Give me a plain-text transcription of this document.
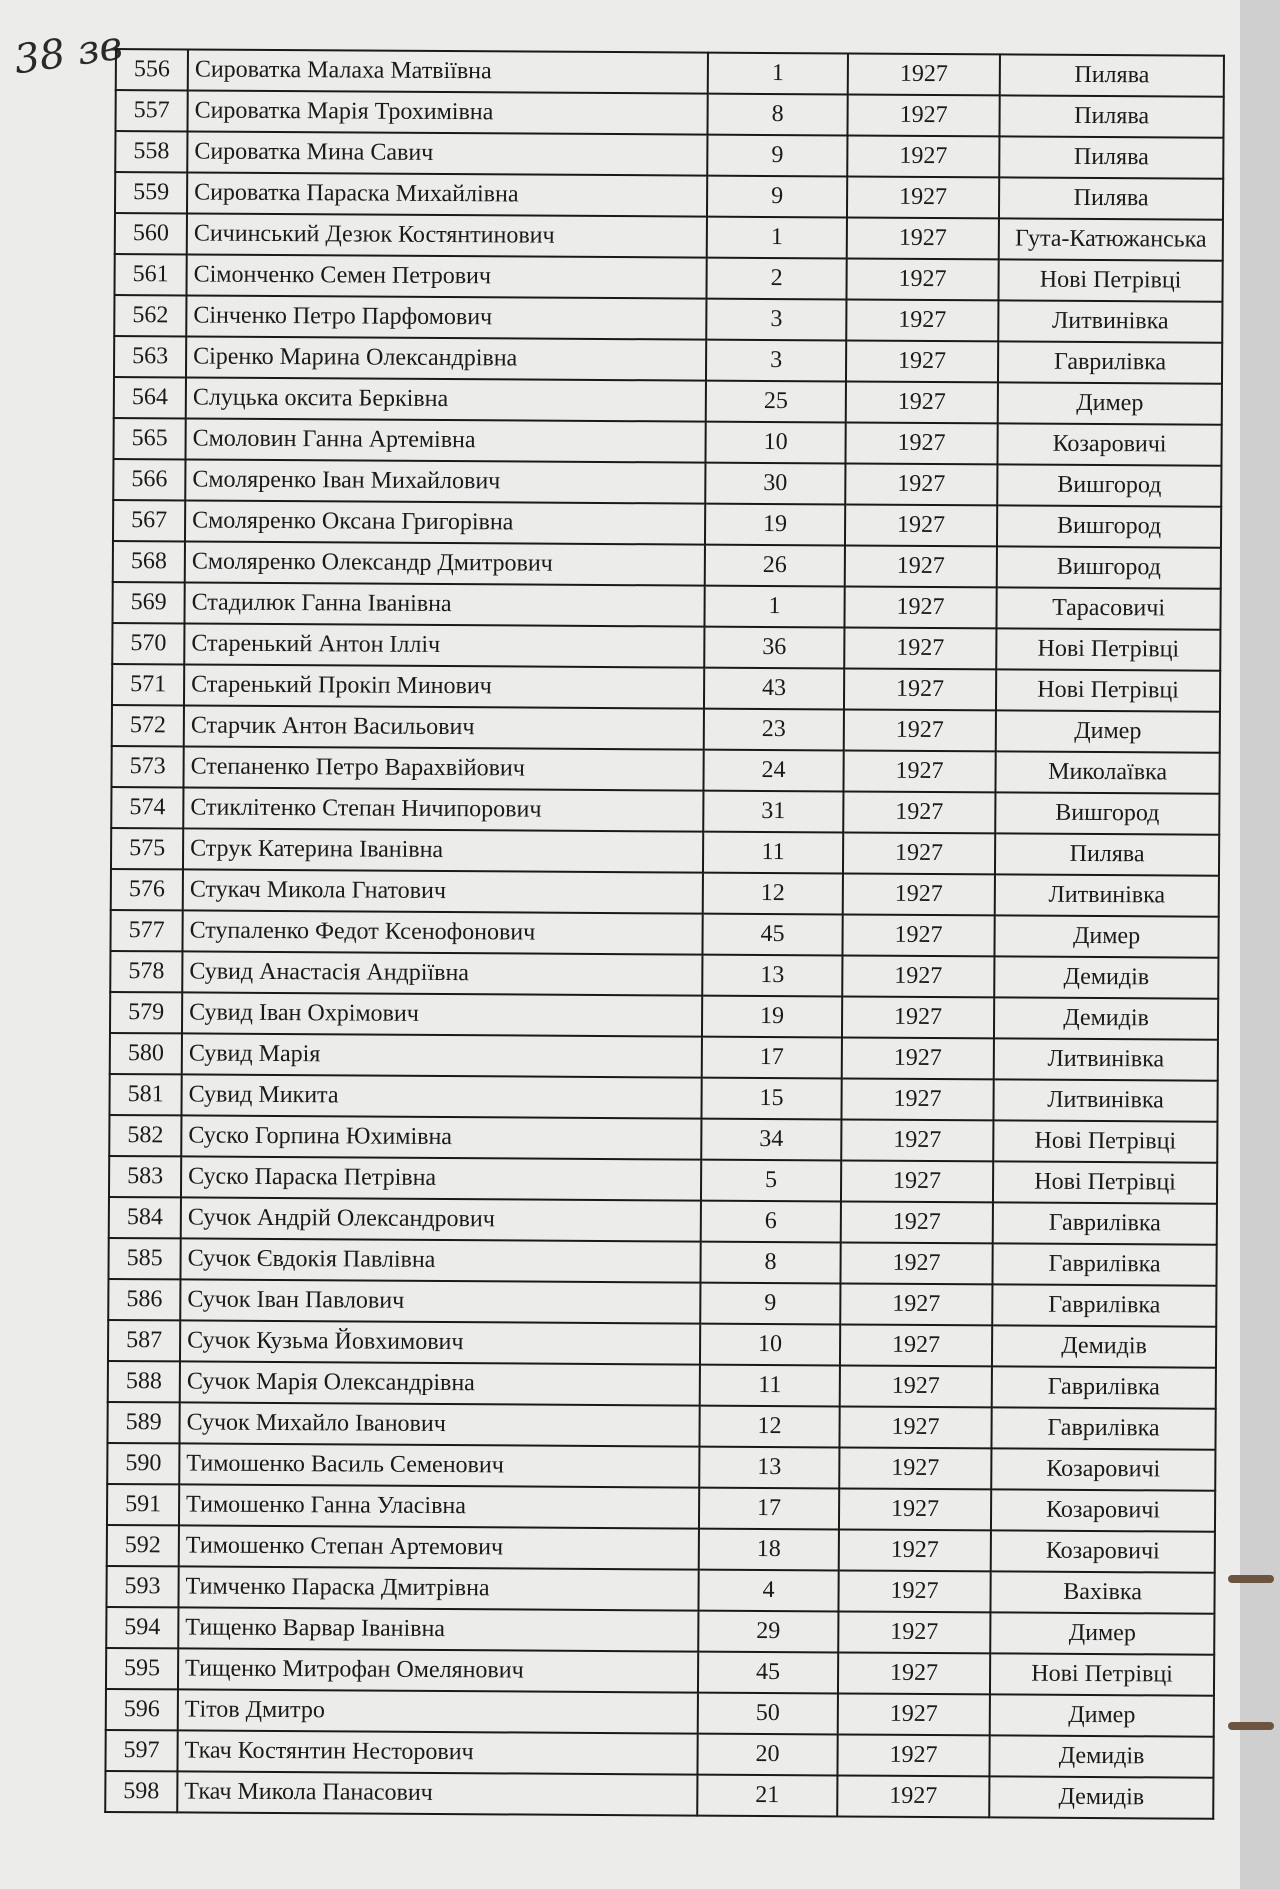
38 зв 556	Сироватка Малаха Матвіївна	1	1927	Пилява
557	Сироватка Марія Трохимівна	8	1927	Пилява
558	Сироватка Мина Савич	9	1927	Пилява
559	Сироватка Параска Михайлівна	9	1927	Пилява
560	Сичинський Дезюк Костянтинович	1	1927	Гута-Катюжанська
561	Сімонченко Семен Петрович	2	1927	Нові Петрівці
562	Сінченко Петро Парфомович	3	1927	Литвинівка
563	Сіренко Марина Олександрівна	3	1927	Гаврилівка
564	Слуцька оксита Берківна	25	1927	Димер
565	Смоловин Ганна Артемівна	10	1927	Козаровичі
566	Смоляренко Іван Михайлович	30	1927	Вишгород
567	Смоляренко Оксана Григорівна	19	1927	Вишгород
568	Смоляренко Олександр Дмитрович	26	1927	Вишгород
569	Стадилюк Ганна Іванівна	1	1927	Тарасовичі
570	Старенький Антон Ілліч	36	1927	Нові Петрівці
571	Старенький Прокіп Минович	43	1927	Нові Петрівці
572	Старчик Антон Васильович	23	1927	Димер
573	Степаненко Петро Варахвійович	24	1927	Миколаївка
574	Стиклітенко Степан Ничипорович	31	1927	Вишгород
575	Струк Катерина Іванівна	11	1927	Пилява
576	Стукач Микола Гнатович	12	1927	Литвинівка
577	Ступаленко Федот Ксенофонович	45	1927	Димер
578	Сувид Анастасія Андріївна	13	1927	Демидів
579	Сувид Іван Охрімович	19	1927	Демидів
580	Сувид Марія	17	1927	Литвинівка
581	Сувид Микита	15	1927	Литвинівка
582	Суско Горпина Юхимівна	34	1927	Нові Петрівці
583	Суско Параска Петрівна	5	1927	Нові Петрівці
584	Сучок Андрій Олександрович	6	1927	Гаврилівка
585	Сучок Євдокія Павлівна	8	1927	Гаврилівка
586	Сучок Іван Павлович	9	1927	Гаврилівка
587	Сучок Кузьма Йовхимович	10	1927	Демидів
588	Сучок Марія Олександрівна	11	1927	Гаврилівка
589	Сучок Михайло Іванович	12	1927	Гаврилівка
590	Тимошенко Василь Семенович	13	1927	Козаровичі
591	Тимошенко Ганна Уласівна	17	1927	Козаровичі
592	Тимошенко Степан Артемович	18	1927	Козаровичі
593	Тимченко Параска Дмитрівна	4	1927	Вахівка
594	Тищенко Варвар Іванівна	29	1927	Димер
595	Тищенко Митрофан Омелянович	45	1927	Нові Петрівці
596	Тітов Дмитро	50	1927	Димер
597	Ткач Костянтин Несторович	20	1927	Демидів
598	Ткач Микола Панасович	21	1927	Демидів
